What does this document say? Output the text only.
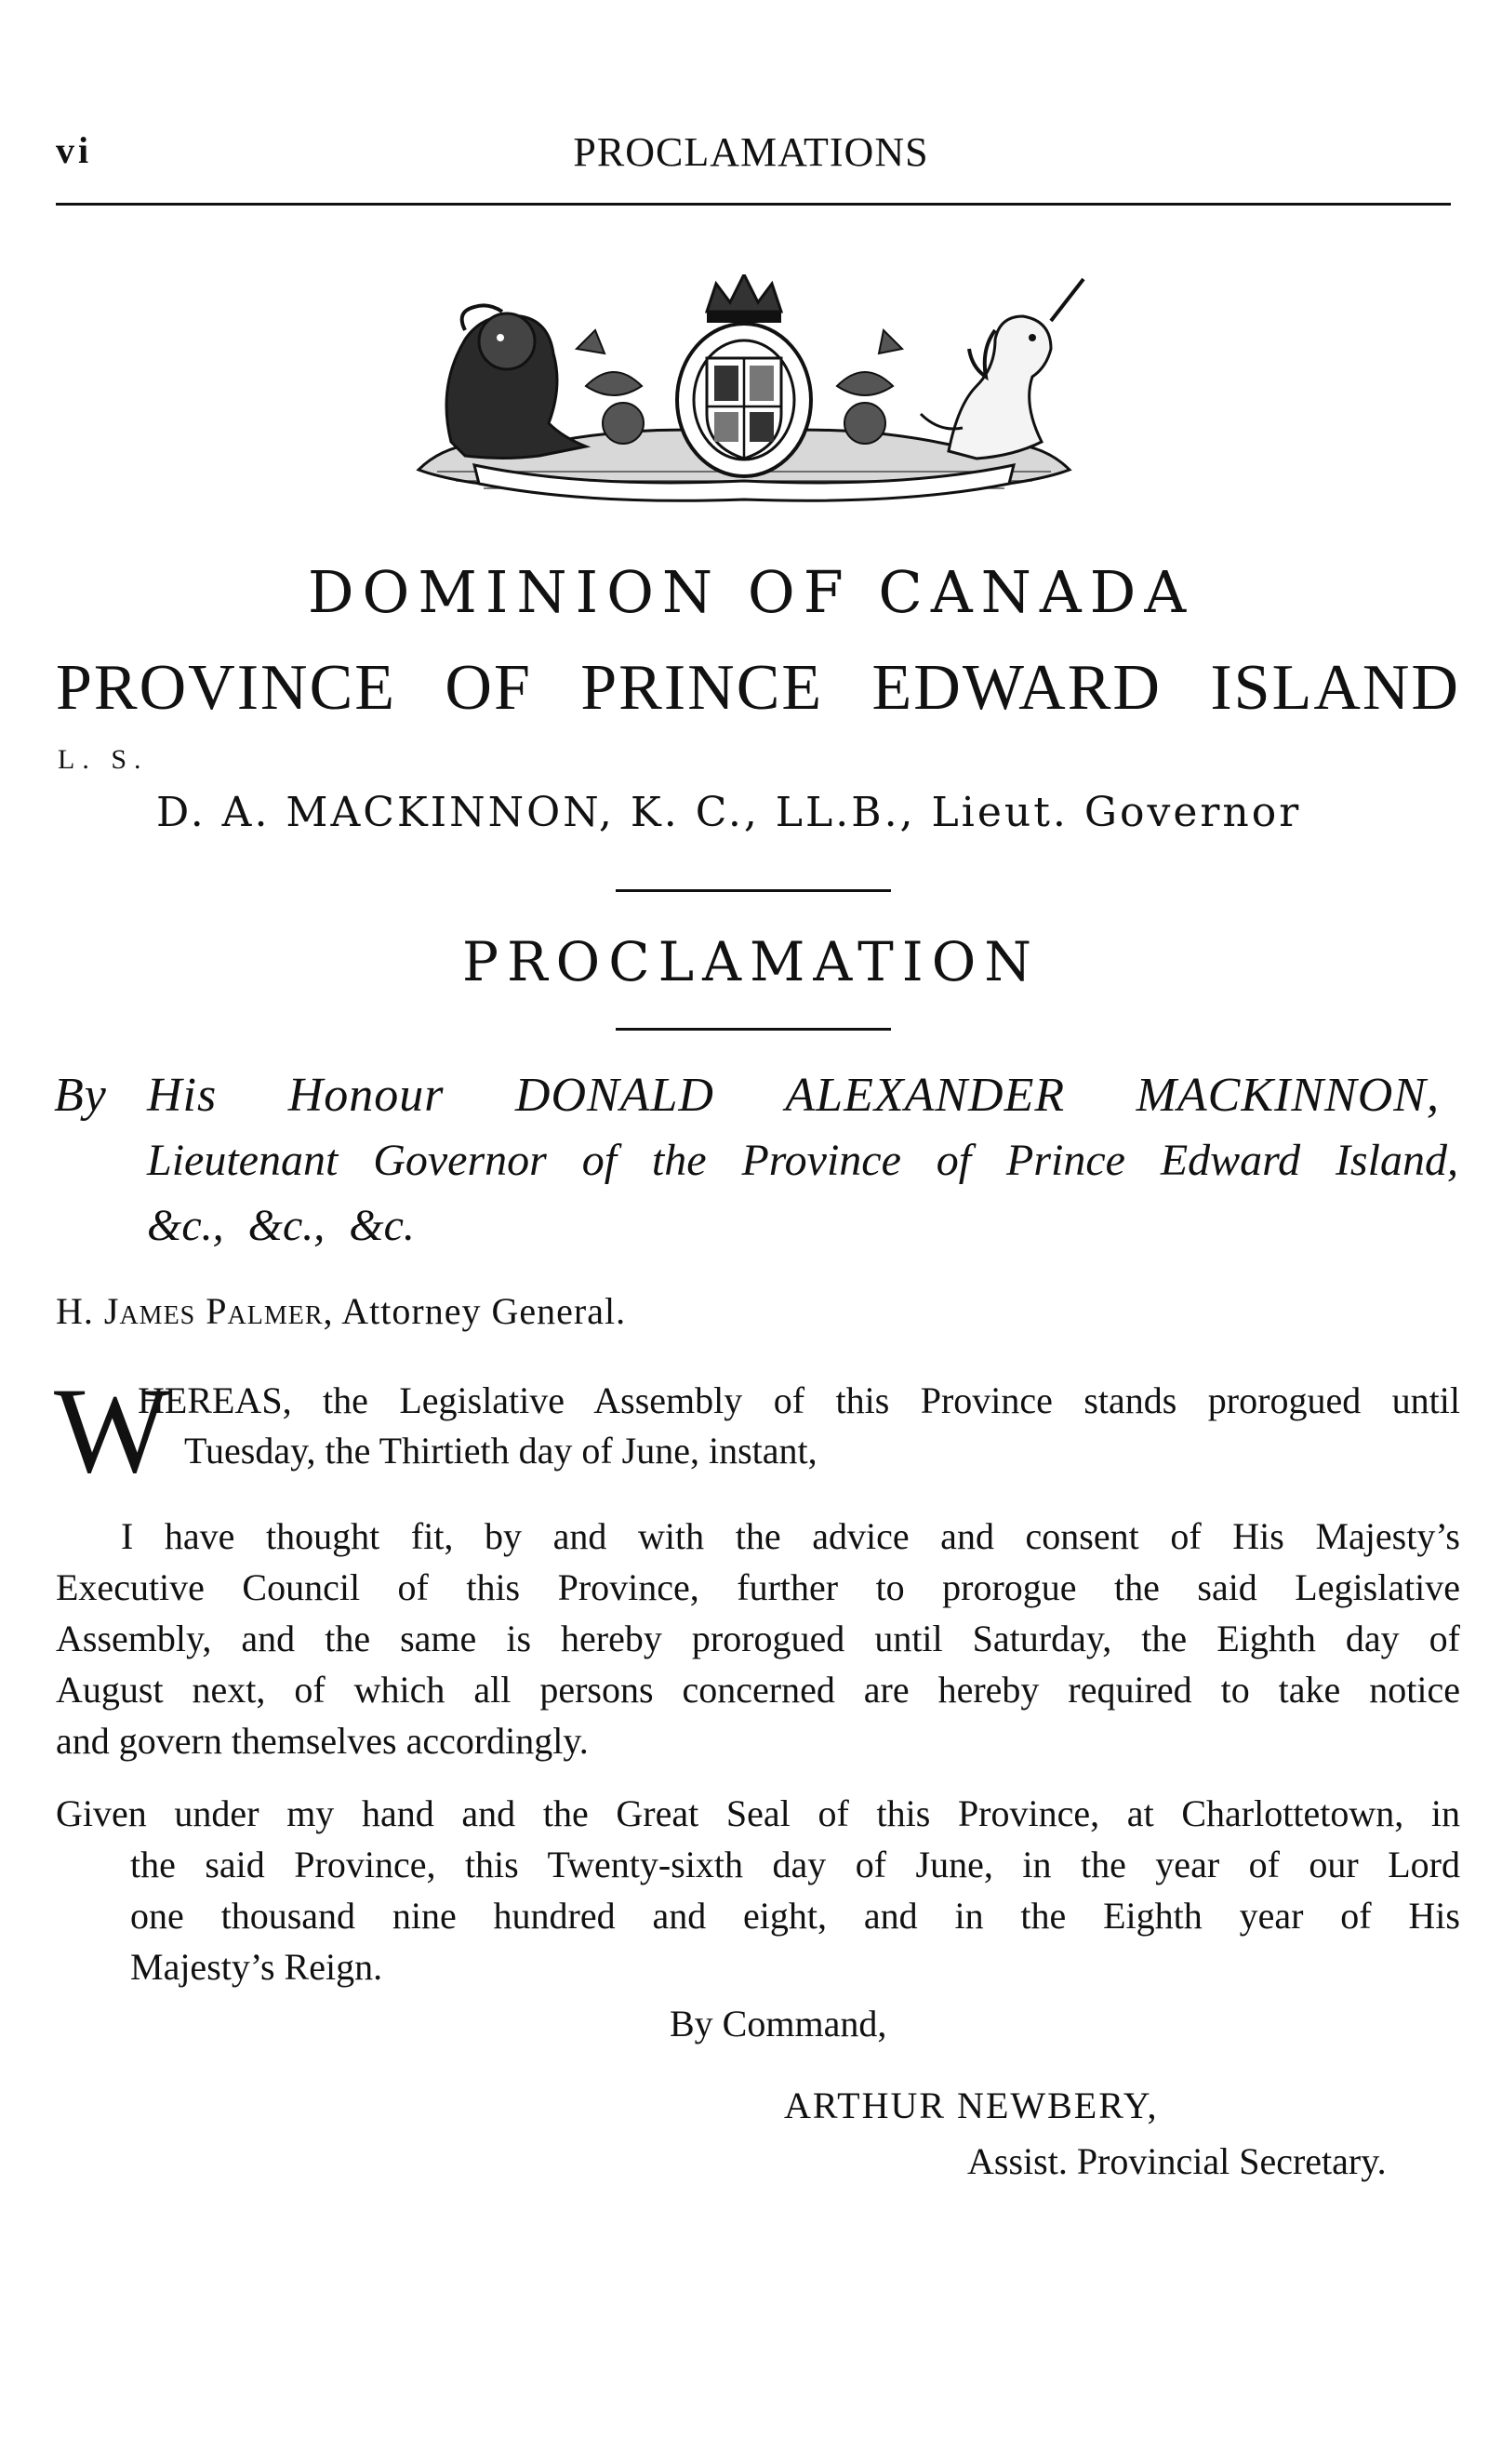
vi	PROCLAMATIONS
DOMINION OF CANADA
PROVINCE OF PRINCE EDWARD ISLAND
L. S.
D. A. MACKINNON, K. C., LL.B., Lieut. Governor
PROCLAMATION
By His Honour DONALD ALEXANDER MACKINNON,
Lieutenant Governor of the Province of Prince Edward Island,
&c., &c., &c.
H. James Palmer, Attorney General.
W
HEREAS, the Legislative Assembly of this Province stands prorogued until
Tuesday, the Thirtieth day of June, instant,
I have thought fit, by and with the advice and consent of His Majesty’s
Executive Council of this Province, further to prorogue the said Legislative
Assembly, and the same is hereby prorogued until Saturday, the Eighth day of
August next, of which all persons concerned are hereby required to take notice
and govern themselves accordingly.
Given under my hand and the Great Seal of this Province, at Charlottetown, in
the said Province, this Twenty-sixth day of June, in the year of our Lord
one thousand nine hundred and eight, and in the Eighth year of His
Majesty’s Reign.
By Command,
ARTHUR NEWBERY,
Assist. Provincial Secretary.
